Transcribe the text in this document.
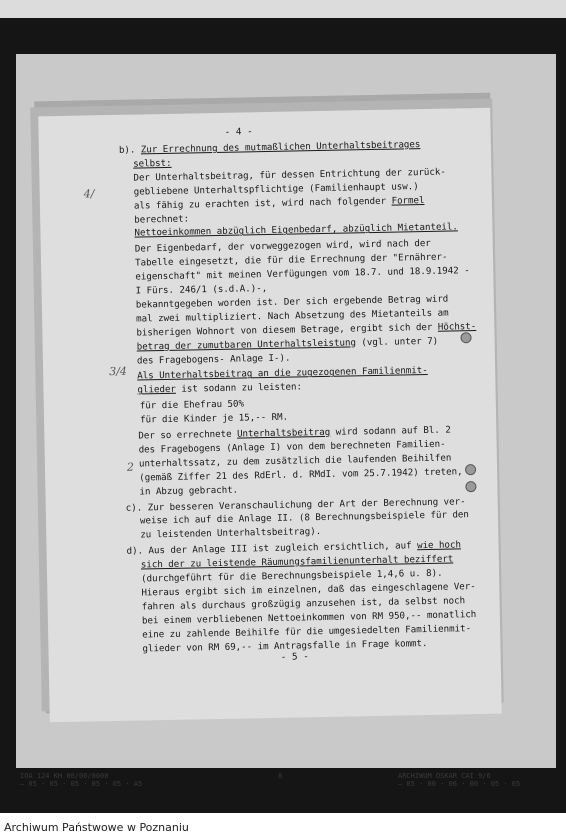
- 4 -
b). Zur Errechnung des mutmaßlichen Unterhaltsbeitrages
selbst:
Der Unterhaltsbeitrag, für dessen Entrichtung der zurück-
gebliebene Unterhaltspflichtige (Familienhaupt usw.)
als fähig zu erachten ist, wird nach folgender Formel
berechnet:
Nettoeinkommen abzüglich Eigenbedarf, abzüglich Mietanteil.
Der Eigenbedarf, der vorweggezogen wird, wird nach der
Tabelle eingesetzt, die für die Errechnung der "Ernährer-
eigenschaft" mit meinen Verfügungen vom 18.7. und 18.9.1942 -
I Fürs. 246/1 (s.d.A.)-,
bekanntgegeben worden ist. Der sich ergebende Betrag wird
mal zwei multipliziert. Nach Absetzung des Mietanteils am
bisherigen Wohnort von diesem Betrage, ergibt sich der Höchst-
betrag der zumutbaren Unterhaltsleistung (vgl. unter 7)
des Fragebogens- Anlage I-).
Als Unterhaltsbeitrag an die zugezogenen Familienmit-
glieder ist sodann zu leisten:
für die Ehefrau 50%
für die Kinder je 15,-- RM.
Der so errechnete Unterhaltsbeitrag wird sodann auf Bl. 2
des Fragebogens (Anlage I) von dem berechneten Familien-
unterhaltssatz, zu dem zusätzlich die laufenden Beihilfen
(gemäß Ziffer 21 des RdErl. d. RMdI. vom 25.7.1942) treten,
in Abzug gebracht.
c). Zur besseren Veranschaulichung der Art der Berechnung ver-
weise ich auf die Anlage II. (8 Berechnungsbeispiele für den
zu leistenden Unterhaltsbeitrag).
d). Aus der Anlage III ist zugleich ersichtlich, auf wie hoch
sich der zu leistende Räumungsfamilienunterhalt beziffert
(durchgeführt für die Berechnungsbeispiele 1,4,6 u. 8).
Hieraus ergibt sich im einzelnen, daß das eingeschlagene Ver-
fahren als durchaus großzügig anzusehen ist, da selbst noch
bei einem verbliebenen Nettoeinkommen von RM 950,-- monatlich
eine zu zahlende Beihilfe für die umgesiedelten Familienmit-
glieder von RM 69,-- im Antragsfalle in Frage kommt.
- 5 -
4/
3/4
2
IOA 124 KH 00/00/0000
— 05 · 05 · 05 · 05 · 05 · A5
8	ARCHIWUM OSKAR CAI 9/6
— 05 · 00 · 06 · 00 · 05 · 05
Archiwum Państwowe w Poznaniu
